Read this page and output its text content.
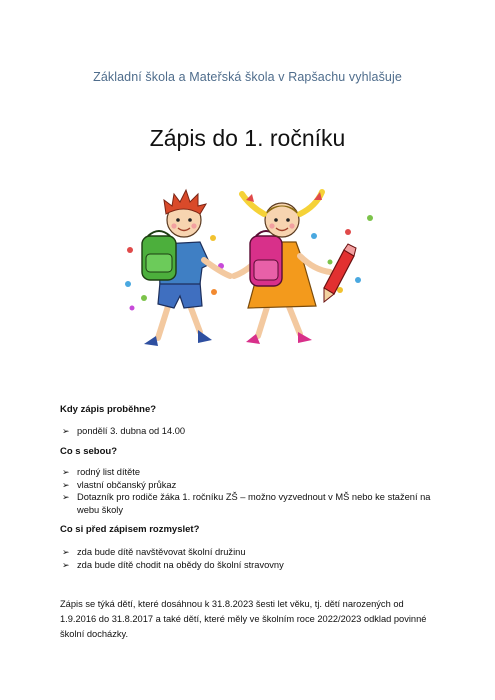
Základní škola a Mateřská škola v Rapšachu vyhlašuje
Zápis do 1. ročníku
Kdy zápis proběhne?
➢ pondělí 3. dubna od 14.00
Co s sebou?
➢ rodný list dítěte
➢ vlastní občanský průkaz
➢ Dotazník pro rodiče žáka 1. ročníku ZŠ – možno vyzvednout v MŠ nebo ke stažení na webu školy
Co si před zápisem rozmyslet?
➢ zda bude dítě navštěvovat školní družinu
➢ zda bude dítě chodit na obědy do školní stravovny
Zápis se týká dětí, které dosáhnou k 31.8.2023 šesti let věku, tj. dětí narozených od 1.9.2016 do 31.8.2017 a také dětí, které měly ve školním roce 2022/2023 odklad povinné školní docházky.
